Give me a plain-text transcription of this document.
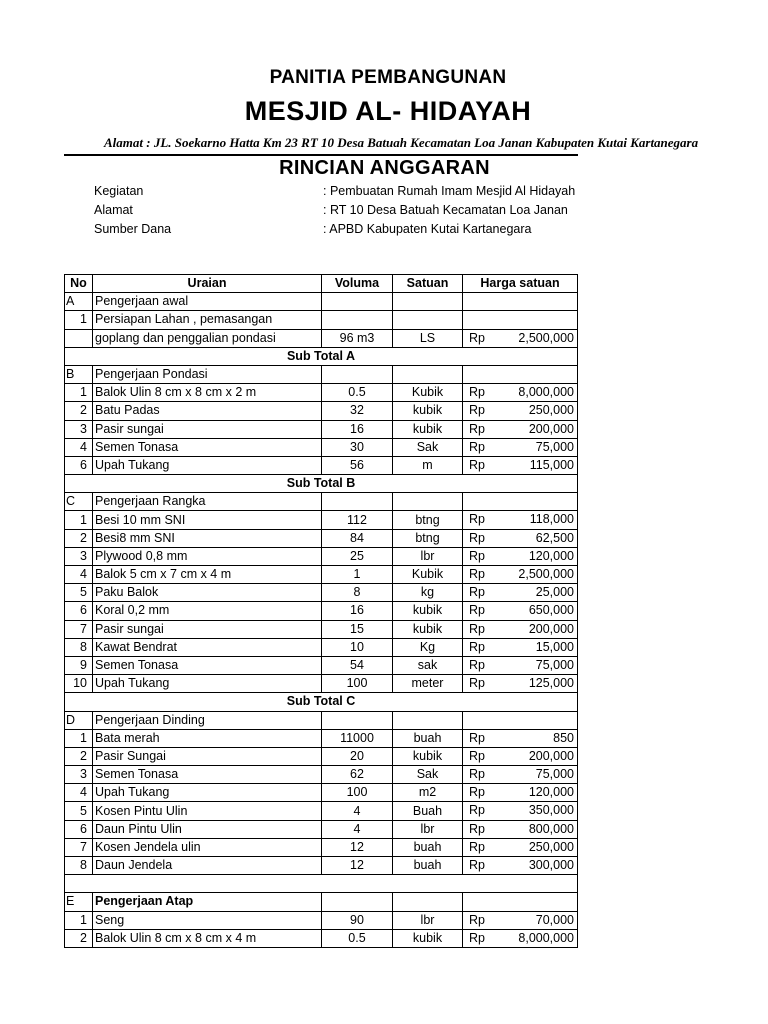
PANITIA PEMBANGUNAN
MESJID AL- HIDAYAH
Alamat : JL. Soekarno Hatta Km 23 RT 10 Desa Batuah Kecamatan Loa Janan Kabupaten Kutai Kartanegara
RINCIAN ANGGARAN
Kegiatan	: Pembuatan Rumah Imam Mesjid Al Hidayah
Alamat	: RT 10 Desa Batuah Kecamatan Loa Janan
Sumber Dana	: APBD Kabupaten Kutai Kartanegara
No	Uraian	Voluma	Satuan	Harga satuan
A	Pengerjaan awal			
1	Persiapan Lahan , pemasangan			
	goplang dan penggalian pondasi	96 m3	LS	Rp 2,500,000

Sub Total A				
B	Pengerjaan Pondasi			
1	Balok Ulin 8 cm x 8 cm x 2 m	0.5	Kubik	Rp 8,000,000

2	Batu Padas	32	kubik	Rp 250,000

3	Pasir sungai	16	kubik	Rp 200,000

4	Semen Tonasa	30	Sak	Rp 75,000

6	Upah Tukang	56	m	Rp 115,000

Sub Total B				
C	Pengerjaan Rangka			
1	Besi 10 mm SNI	112	btng	Rp 118,000

2	Besi8 mm SNI	84	btng	Rp 62,500

3	Plywood 0,8 mm	25	lbr	Rp 120,000

4	Balok 5 cm x 7 cm x 4 m	1	Kubik	Rp 2,500,000

5	Paku Balok	8	kg	Rp 25,000

6	Koral 0,2 mm	16	kubik	Rp 650,000

7	Pasir sungai	15	kubik	Rp 200,000

8	Kawat Bendrat	10	Kg	Rp 15,000

9	Semen Tonasa	54	sak	Rp 75,000

10	Upah Tukang	100	meter	Rp 125,000

Sub Total C				
D	Pengerjaan Dinding			
1	Bata merah	11000	buah	Rp 850

2	Pasir Sungai	20	kubik	Rp 200,000

3	Semen Tonasa	62	Sak	Rp 75,000

4	Upah Tukang	100	m2	Rp 120,000

5	Kosen Pintu Ulin	4	Buah	Rp 350,000

6	Daun Pintu Ulin	4	lbr	Rp 800,000

7	Kosen Jendela ulin	12	buah	Rp 250,000

8	Daun Jendela	12	buah	Rp 300,000

E	Pengerjaan Atap			
1	Seng	90	lbr	Rp 70,000

2	Balok Ulin 8 cm x 8 cm x 4 m	0.5	kubik	Rp 8,000,000
